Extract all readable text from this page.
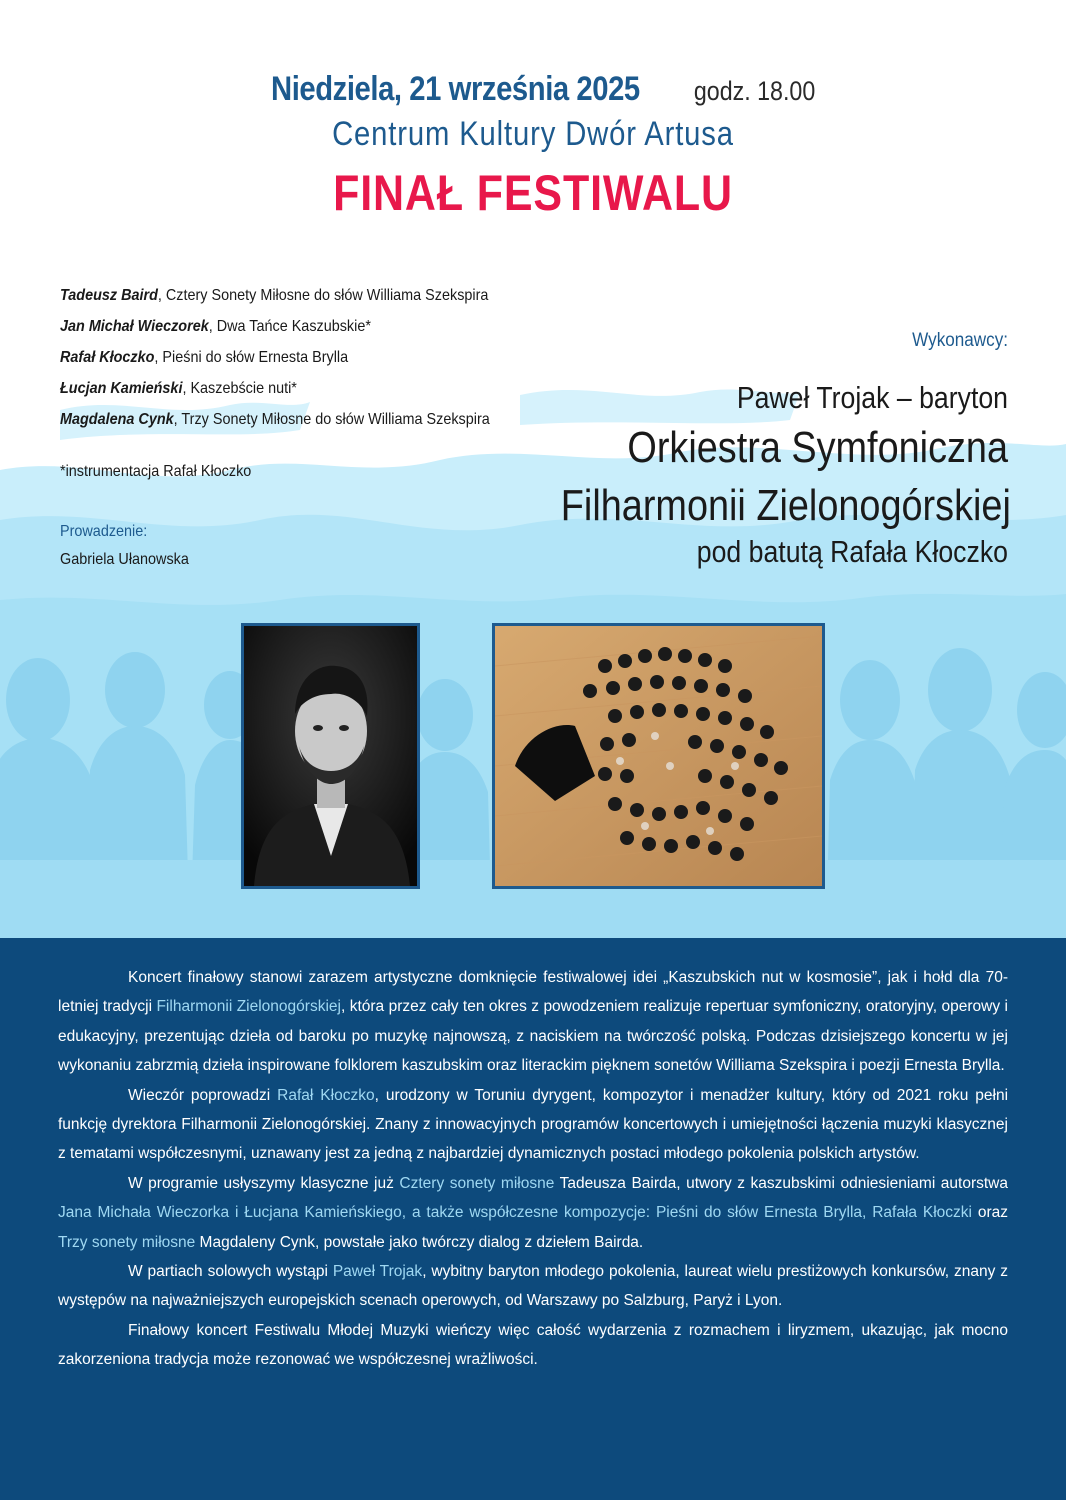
Niedziela, 21 września 2025 godz. 18.00
Centrum Kultury Dwór Artusa
FINAŁ FESTIWALU
Tadeusz Baird, Cztery Sonety Miłosne do słów Williama Szekspira
Jan Michał Wieczorek, Dwa Tańce Kaszubskie*
Rafał Kłoczko, Pieśni do słów Ernesta Brylla
Łucjan Kamieński, Kaszebście nuti*
Magdalena Cynk, Trzy Sonety Miłosne do słów Williama Szekspira
*instrumentacja Rafał Kłoczko
Prowadzenie:
Gabriela Ułanowska
Wykonawcy:
Paweł Trojak – baryton
Orkiestra Symfoniczna
Filharmonii Zielonogórskiej
pod batutą Rafała Kłoczko

Koncert finałowy stanowi zarazem artystyczne domknięcie festiwalowej idei „Kaszubskich nut w kosmosie”, jak i hołd dla 70-letniej tradycji Filharmonii Zielonogórskiej, która przez cały ten okres z powodzeniem realizuje repertuar symfoniczny, oratoryjny, operowy i edukacyjny, prezentując dzieła od baroku po muzykę najnowszą, z naciskiem na twórczość polską. Podczas dzisiejszego koncertu w jej wykonaniu zabrzmią dzieła inspirowane folklorem kaszubskim oraz literackim pięknem sonetów Williama Szekspira i poezji Ernesta Brylla.

Wieczór poprowadzi Rafał Kłoczko, urodzony w Toruniu dyrygent, kompozytor i menadżer kultury, który od 2021 roku pełni funkcję dyrektora Filharmonii Zielonogórskiej. Znany z innowacyjnych programów koncertowych i umiejętności łączenia muzyki klasycznej z tematami współczesnymi, uznawany jest za jedną z najbardziej dynamicznych postaci młodego pokolenia polskich artystów.

W programie usłyszymy klasyczne już Cztery sonety miłosne Tadeusza Bairda, utwory z kaszubskimi odniesieniami autorstwa Jana Michała Wieczorka i Łucjana Kamieńskiego, a także współczesne kompozycje: Pieśni do słów Ernesta Brylla, Rafała Kłoczki oraz Trzy sonety miłosne Magdaleny Cynk, powstałe jako twórczy dialog z dziełem Bairda.

W partiach solowych wystąpi Paweł Trojak, wybitny baryton młodego pokolenia, laureat wielu prestiżowych konkursów, znany z występów na najważniejszych europejskich scenach operowych, od Warszawy po Salzburg, Paryż i Lyon.

Finałowy koncert Festiwalu Młodej Muzyki wieńczy więc całość wydarzenia z rozmachem i liryzmem, ukazując, jak mocno zakorzeniona tradycja może rezonować we współczesnej wrażliwości.
